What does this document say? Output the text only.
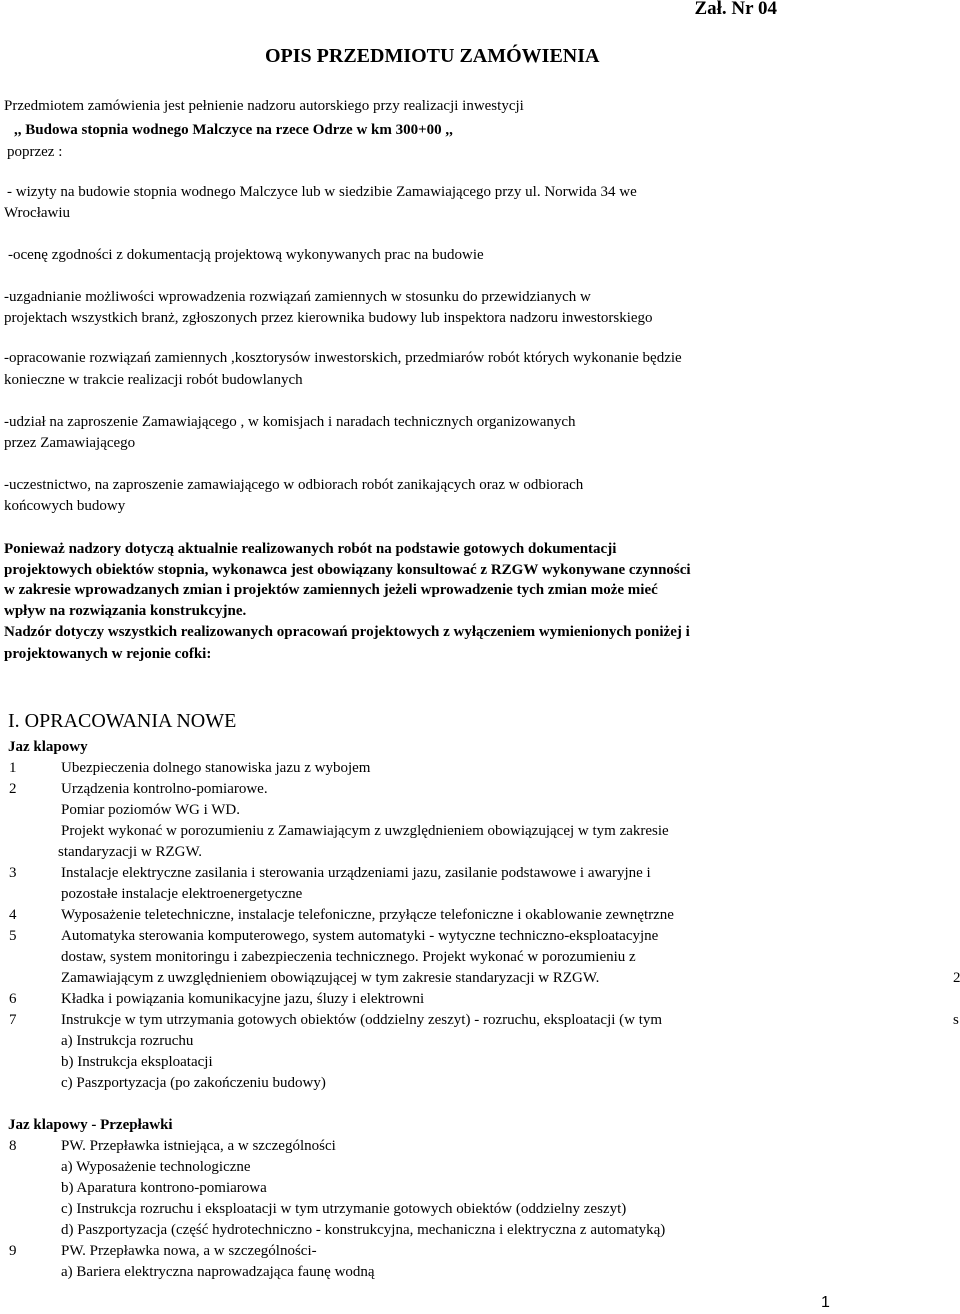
Zał. Nr 04
OPIS PRZEDMIOTU ZAMÓWIENIA
Przedmiotem zamówienia jest pełnienie nadzoru autorskiego przy realizacji inwestycji
,, Budowa stopnia wodnego Malczyce na rzece Odrze w km 300+00 ,,
poprzez :
- wizyty na budowie stopnia wodnego Malczyce lub w siedzibie Zamawiającego przy ul. Norwida 34 we
Wrocławiu
-ocenę zgodności z dokumentacją projektową wykonywanych prac na budowie
-uzgadnianie możliwości wprowadzenia rozwiązań zamiennych w stosunku do przewidzianych w
projektach wszystkich branż, zgłoszonych przez kierownika budowy lub inspektora nadzoru inwestorskiego
-opracowanie rozwiązań zamiennych ,kosztorysów inwestorskich, przedmiarów robót których wykonanie będzie
konieczne w trakcie realizacji robót budowlanych
-udział na zaproszenie Zamawiającego , w komisjach i naradach technicznych organizowanych
przez Zamawiającego
-uczestnictwo, na zaproszenie zamawiającego w odbiorach robót zanikających oraz w odbiorach
końcowych budowy
Ponieważ nadzory dotyczą aktualnie realizowanych robót na podstawie gotowych dokumentacji
projektowych obiektów stopnia, wykonawca jest obowiązany konsultować z RZGW wykonywane czynności
w zakresie wprowadzanych zmian i projektów zamiennych jeżeli wprowadzenie tych zmian może mieć
wpływ na rozwiązania konstrukcyjne.
Nadzór dotyczy wszystkich realizowanych opracowań projektowych z wyłączeniem wymienionych poniżej i
projektowanych w rejonie cofki:
I. OPRACOWANIA NOWE
Jaz klapowy
1	Ubezpieczenia dolnego stanowiska jazu z wybojem
2	Urządzenia kontrolno-pomiarowe.
Pomiar poziomów WG i WD.
Projekt wykonać w porozumieniu z Zamawiającym z uwzględnieniem obowiązującej w tym zakresie
standaryzacji w RZGW.
3	Instalacje elektryczne zasilania i sterowania urządzeniami jazu, zasilanie podstawowe i awaryjne i
pozostałe instalacje elektroenergetyczne
4	Wyposażenie teletechniczne, instalacje telefoniczne, przyłącze telefoniczne i okablowanie zewnętrzne
5	Automatyka sterowania komputerowego, system automatyki - wytyczne techniczno-eksploatacyjne
dostaw, system monitoringu i zabezpieczenia technicznego. Projekt wykonać w porozumieniu z
Zamawiającym z uwzględnieniem obowiązującej w tym zakresie standaryzacji w RZGW.	2
6	Kładka i powiązania komunikacyjne jazu, śluzy i elektrowni
7	Instrukcje w tym utrzymania gotowych obiektów (oddzielny zeszyt) - rozruchu, eksploatacji (w tym	s
a) Instrukcja rozruchu
b) Instrukcja eksploatacji
c) Paszportyzacja (po zakończeniu budowy)
Jaz klapowy - Przepławki
8	PW. Przepławka istniejąca, a w szczególności
a) Wyposażenie technologiczne
b) Aparatura kontrono-pomiarowa
c) Instrukcja rozruchu i eksploatacji w tym utrzymanie gotowych obiektów (oddzielny zeszyt)
d) Paszportyzacja (część hydrotechniczno - konstrukcyjna, mechaniczna i elektryczna z automatyką)
9	PW. Przepławka nowa, a w szczególności-
a) Bariera elektryczna naprowadzająca faunę wodną
1
